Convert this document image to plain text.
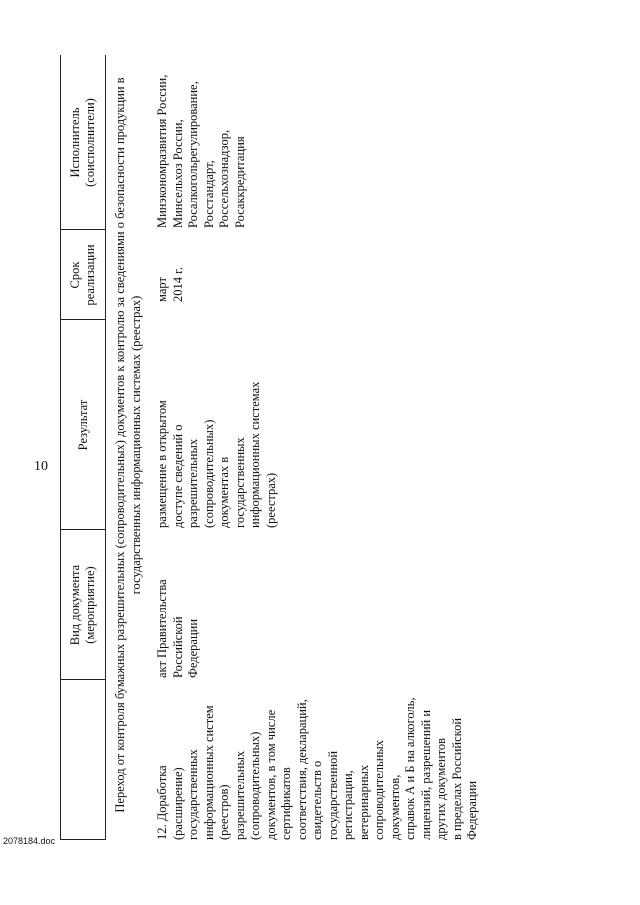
10
2078184.doc
Вид документа
(мероприятие)
Результат
Срок
реализации
Исполнитель
(соисполнители)	Переход от контроля бумажных разрешительных (сопроводительных) документов к контролю за сведениями о безопасности продукции в государственных информационных системах (реестрах)
12. Доработка
(расширение)
государственных
информационных систем
(реестров)
разрешительных
(сопроводительных)
документов, в том числе
сертификатов
соответствия, деклараций,
свидетельств о
государственной
регистрации,
ветеринарных
сопроводительных
документов,
справок А и Б на алкоголь,
лицензий, разрешений и
других документов
в пределах Российской
Федерации
акт Правительства
Российской
Федерации
размещение в открытом
доступе сведений о
разрешительных
(сопроводительных)
документах в
государственных
информационных системах
(реестрах)
март
2014 г.
Минэкономразвития России,
Минсельхоз России,
Росалкогольрегулирование,
Росстандарт,
Россельхознадзор,
Росаккредитация
